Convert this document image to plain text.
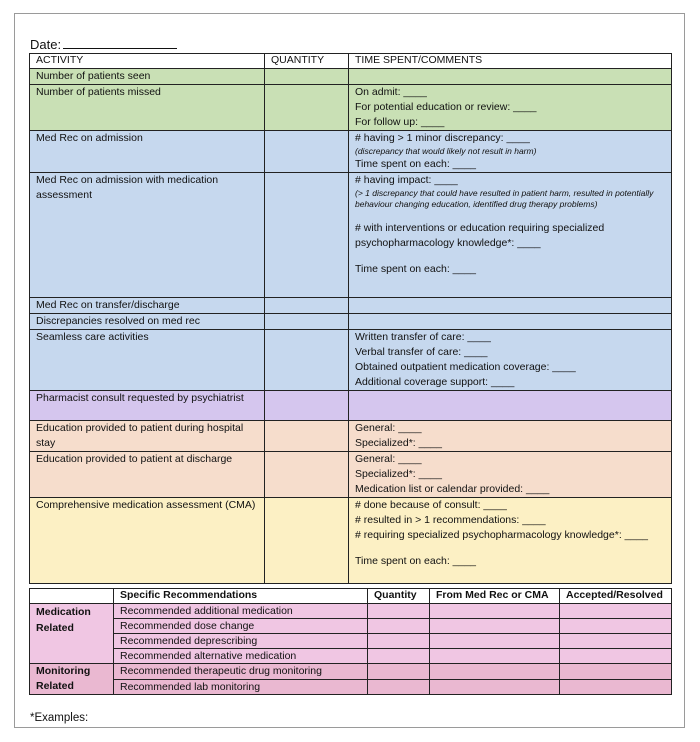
Date:
ACTIVITY	QUANTITY	TIME SPENT/COMMENTS
Number of patients seen		
Number of patients missed		On admit: ____
For potential education or review: ____
For follow up: ____

Med Rec on admission		# having > 1 minor discrepancy: ____
(discrepancy that would likely not result in harm)
Time spent on each: ____

Med Rec on admission with medication assessment		# having impact: ____
(> 1 discrepancy that could have resulted in patient harm, resulted in potentially behaviour changing education, identified drug therapy problems)
# with interventions or education requiring specialized psychopharmacology knowledge*: ____
Time spent on each: ____

Med Rec on transfer/discharge		
Discrepancies resolved on med rec		
Seamless care activities		Written transfer of care: ____
Verbal transfer of care: ____
Obtained outpatient medication coverage: ____
Additional coverage support: ____

Pharmacist consult requested by psychiatrist		
Education provided to patient during hospital stay		General: ____
Specialized*: ____

Education provided to patient at discharge		General: ____
Specialized*: ____
Medication list or calendar provided: ____

Comprehensive medication assessment (CMA)		# done because of consult: ____
# resulted in > 1 recommendations: ____
# requiring specialized psychopharmacology knowledge*: ____
Time spent on each: ____
	Specific Recommendations	Quantity	From Med Rec or CMA	Accepted/Resolved
Medication Related	Recommended additional medication			
	Recommended dose change			
	Recommended deprescribing			
	Recommended alternative medication			
Monitoring Related	Recommended therapeutic drug monitoring			
	Recommended lab monitoring			
*Examples:
